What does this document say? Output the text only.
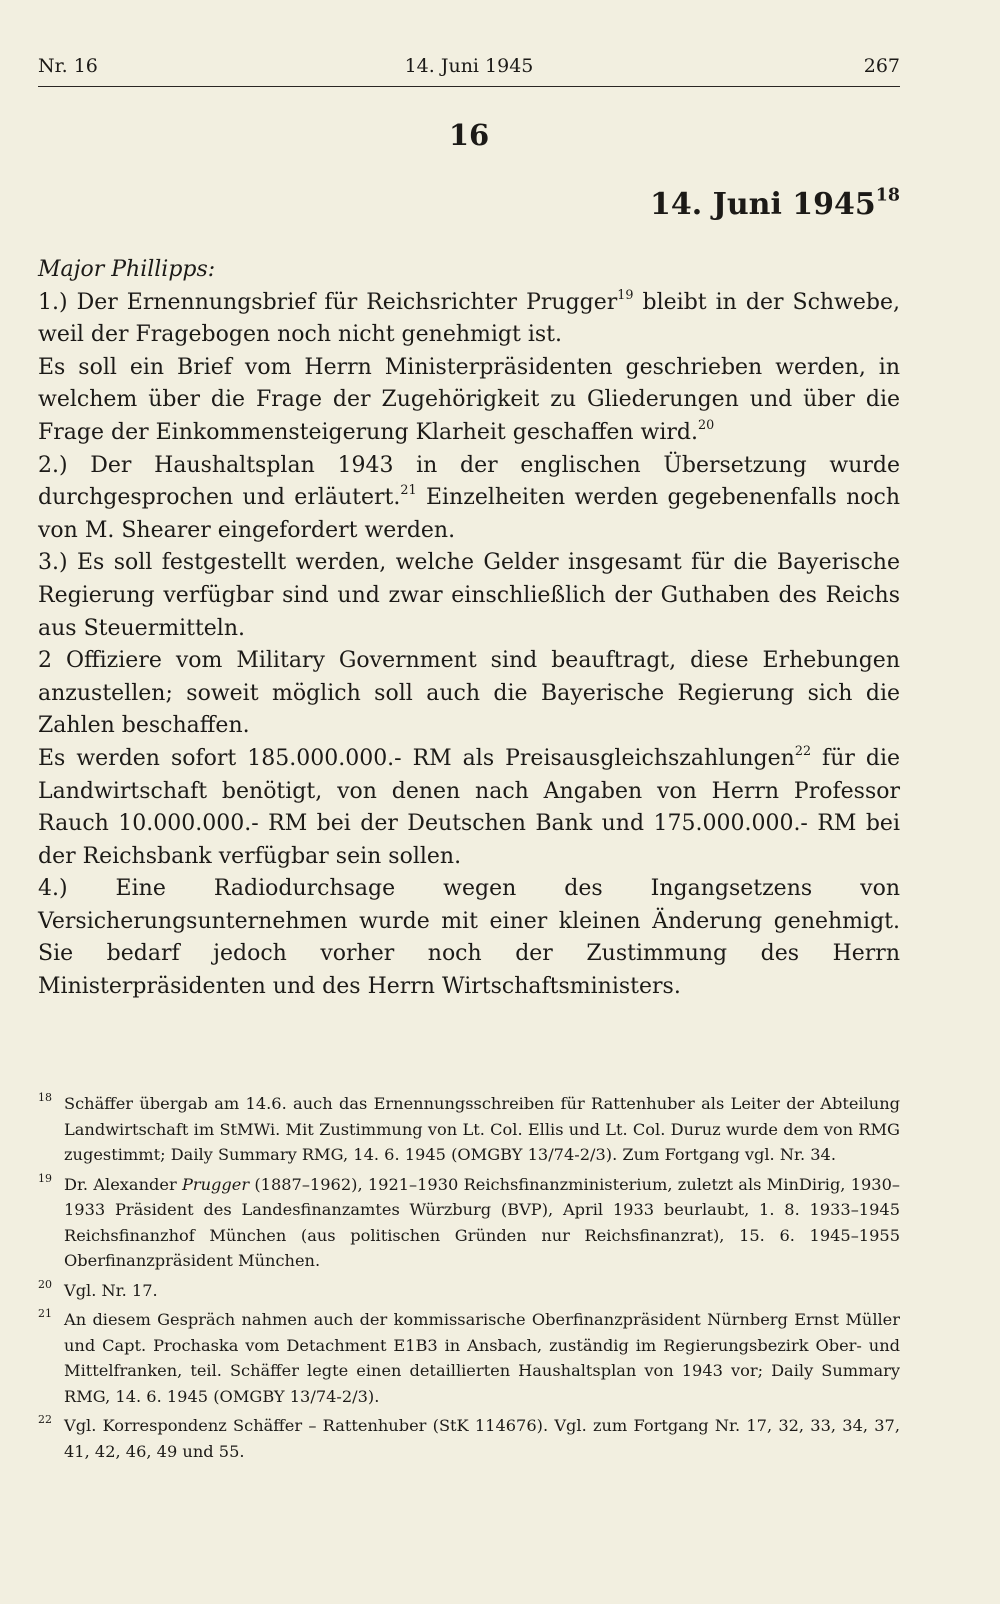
Nr. 16	14. Juni 1945	267
16
14. Juni 1945$^{18}$

Major Phillipps:

1.) Der Ernennungsbrief für Reichsrichter Prugger$^{19}$ bleibt in der Schwebe, weil der Fragebogen noch nicht genehmigt ist.

Es soll ein Brief vom Herrn Ministerpräsidenten geschrieben werden, in welchem über die Frage der Zugehörigkeit zu Gliederungen und über die Frage der Einkommensteigerung Klarheit geschaffen wird.$^{20}$

2.) Der Haushaltsplan 1943 in der englischen Übersetzung wurde durchgesprochen und erläutert.$^{21}$ Einzelheiten werden gegebenenfalls noch von M. Shearer eingefordert werden.

3.) Es soll festgestellt werden, welche Gelder insgesamt für die Bayerische Regierung verfügbar sind und zwar einschließlich der Guthaben des Reichs aus Steuermitteln.

2 Offiziere vom Military Government sind beauftragt, diese Erhebungen anzustellen; soweit möglich soll auch die Bayerische Regierung sich die Zahlen beschaffen.

Es werden sofort 185.000.000.- RM als Preisausgleichszahlungen$^{22}$ für die Landwirtschaft benötigt, von denen nach Angaben von Herrn Professor Rauch 10.000.000.- RM bei der Deutschen Bank und 175.000.000.- RM bei der Reichsbank verfügbar sein sollen.

4.) Eine Radiodurchsage wegen des Ingangsetzens von Versicherungsunternehmen wurde mit einer kleinen Änderung genehmigt. Sie bedarf jedoch vorher noch der Zustimmung des Herrn Ministerpräsidenten und des Herrn Wirtschaftsministers.

18 Schäffer übergab am 14.6. auch das Ernennungsschreiben für Rattenhuber als Leiter der Abteilung Landwirtschaft im StMWi. Mit Zustimmung von Lt. Col. Ellis und Lt. Col. Duruz wurde dem von RMG zugestimmt; Daily Summary RMG, 14. 6. 1945 (OMGBY 13/74-2/3). Zum Fortgang vgl. Nr. 34.
19 Dr. Alexander Prugger (1887–1962), 1921–1930 Reichsfinanzministerium, zuletzt als MinDirig, 1930–1933 Präsident des Landesfinanzamtes Würzburg (BVP), April 1933 beurlaubt, 1. 8. 1933–1945 Reichsfinanzhof München (aus politischen Gründen nur Reichsfinanzrat), 15. 6. 1945–1955 Oberfinanzpräsident München.
20 Vgl. Nr. 17.
21 An diesem Gespräch nahmen auch der kommissarische Oberfinanzpräsident Nürnberg Ernst Müller und Capt. Prochaska vom Detachment E1B3 in Ansbach, zuständig im Regierungsbezirk Ober- und Mittelfranken, teil. Schäffer legte einen detaillierten Haushaltsplan von 1943 vor; Daily Summary RMG, 14. 6. 1945 (OMGBY 13/74-2/3).
22 Vgl. Korrespondenz Schäffer – Rattenhuber (StK 114676). Vgl. zum Fortgang Nr. 17, 32, 33, 34, 37, 41, 42, 46, 49 und 55.
